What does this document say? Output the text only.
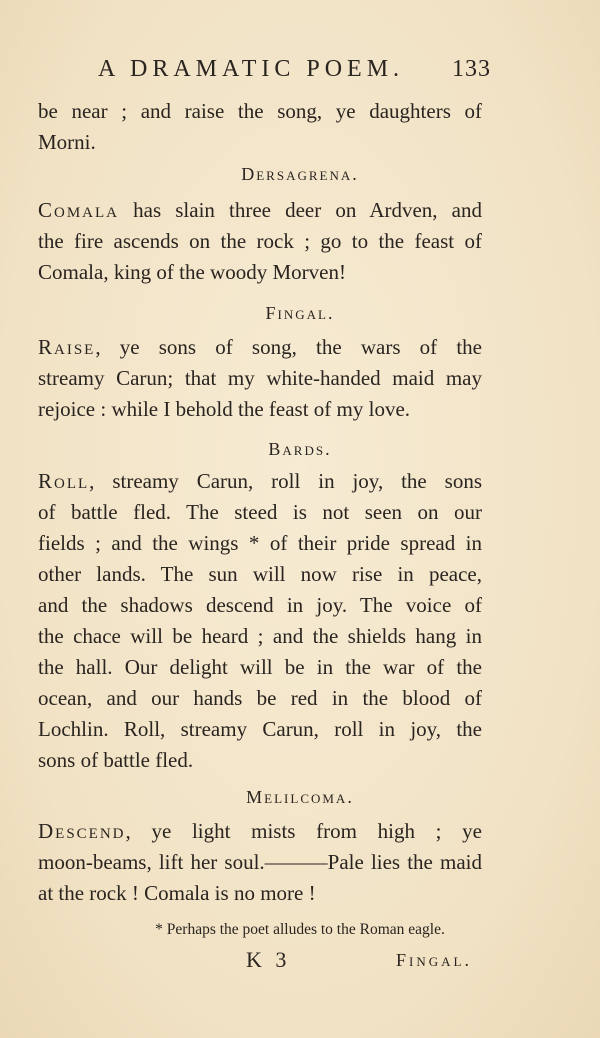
A DRAMATIC POEM. 133
be near ; and raise the song, ye daughters of
Morni.
Dersagrena.
Comala has slain three deer on Ardven, and
the fire ascends on the rock ; go to the feast of
Comala, king of the woody Morven!
Fingal.
Raise, ye sons of song, the wars of the
streamy Carun; that my white-handed maid may
rejoice : while I behold the feast of my love.
Bards.
Roll, streamy Carun, roll in joy, the sons
of battle fled. The steed is not seen on our
fields ; and the wings * of their pride spread in
other lands. The sun will now rise in peace,
and the shadows descend in joy. The voice of
the chace will be heard ; and the shields hang in
the hall. Our delight will be in the war of the
ocean, and our hands be red in the blood of
Lochlin. Roll, streamy Carun, roll in joy, the
sons of battle fled.
Melilcoma.
Descend, ye light mists from high ; ye
moon-beams, lift her soul.———Pale lies the maid
at the rock ! Comala is no more !
* Perhaps the poet alludes to the Roman eagle.
K 3	Fingal.
